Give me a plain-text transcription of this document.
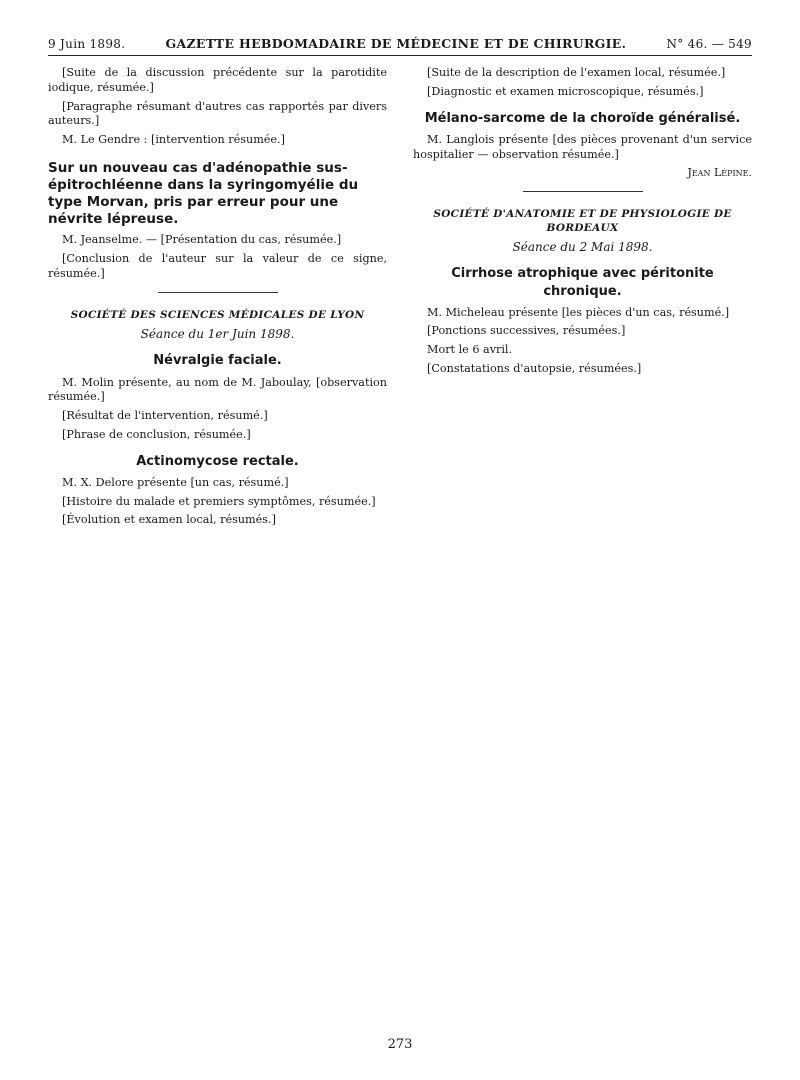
9 Juin 1898.	GAZETTE HEBDOMADAIRE DE MÉDECINE ET DE CHIRURGIE.	N° 46. — 549

[Suite de la discussion précédente sur la parotidite iodique, résumée.]

[Paragraphe résumant d'autres cas rapportés par divers auteurs.]

M. Le Gendre : [intervention résumée.]

Sur un nouveau cas d'adénopathie sus-épitrochléenne dans la syringomyélie du type Morvan, pris par erreur pour une névrite lépreuse.

M. Jeanselme. — [Présentation du cas, résumée.]

[Conclusion de l'auteur sur la valeur de ce signe, résumée.]

SOCIÉTÉ DES SCIENCES MÉDICALES DE LYON
Séance du 1er Juin 1898.
Névralgie faciale.

M. Molin présente, au nom de M. Jaboulay, [observation résumée.]

[Résultat de l'intervention, résumé.]

[Phrase de conclusion, résumée.]

Actinomycose rectale.

M. X. Delore présente [un cas, résumé.]

[Histoire du malade et premiers symptômes, résumée.]

[Évolution et examen local, résumés.]

[Suite de la description de l'examen local, résumée.]

[Diagnostic et examen microscopique, résumés.]

Mélano-sarcome de la choroïde généralisé.

M. Langlois présente [des pièces provenant d'un service hospitalier — observation résumée.]

Jean Lépine.
SOCIÉTÉ D'ANATOMIE ET DE PHYSIOLOGIE DE BORDEAUX
Séance du 2 Mai 1898.
Cirrhose atrophique avec péritonite chronique.

M. Micheleau présente [les pièces d'un cas, résumé.]

[Ponctions successives, résumées.]

Mort le 6 avril.

[Constatations d'autopsie, résumées.]

273
